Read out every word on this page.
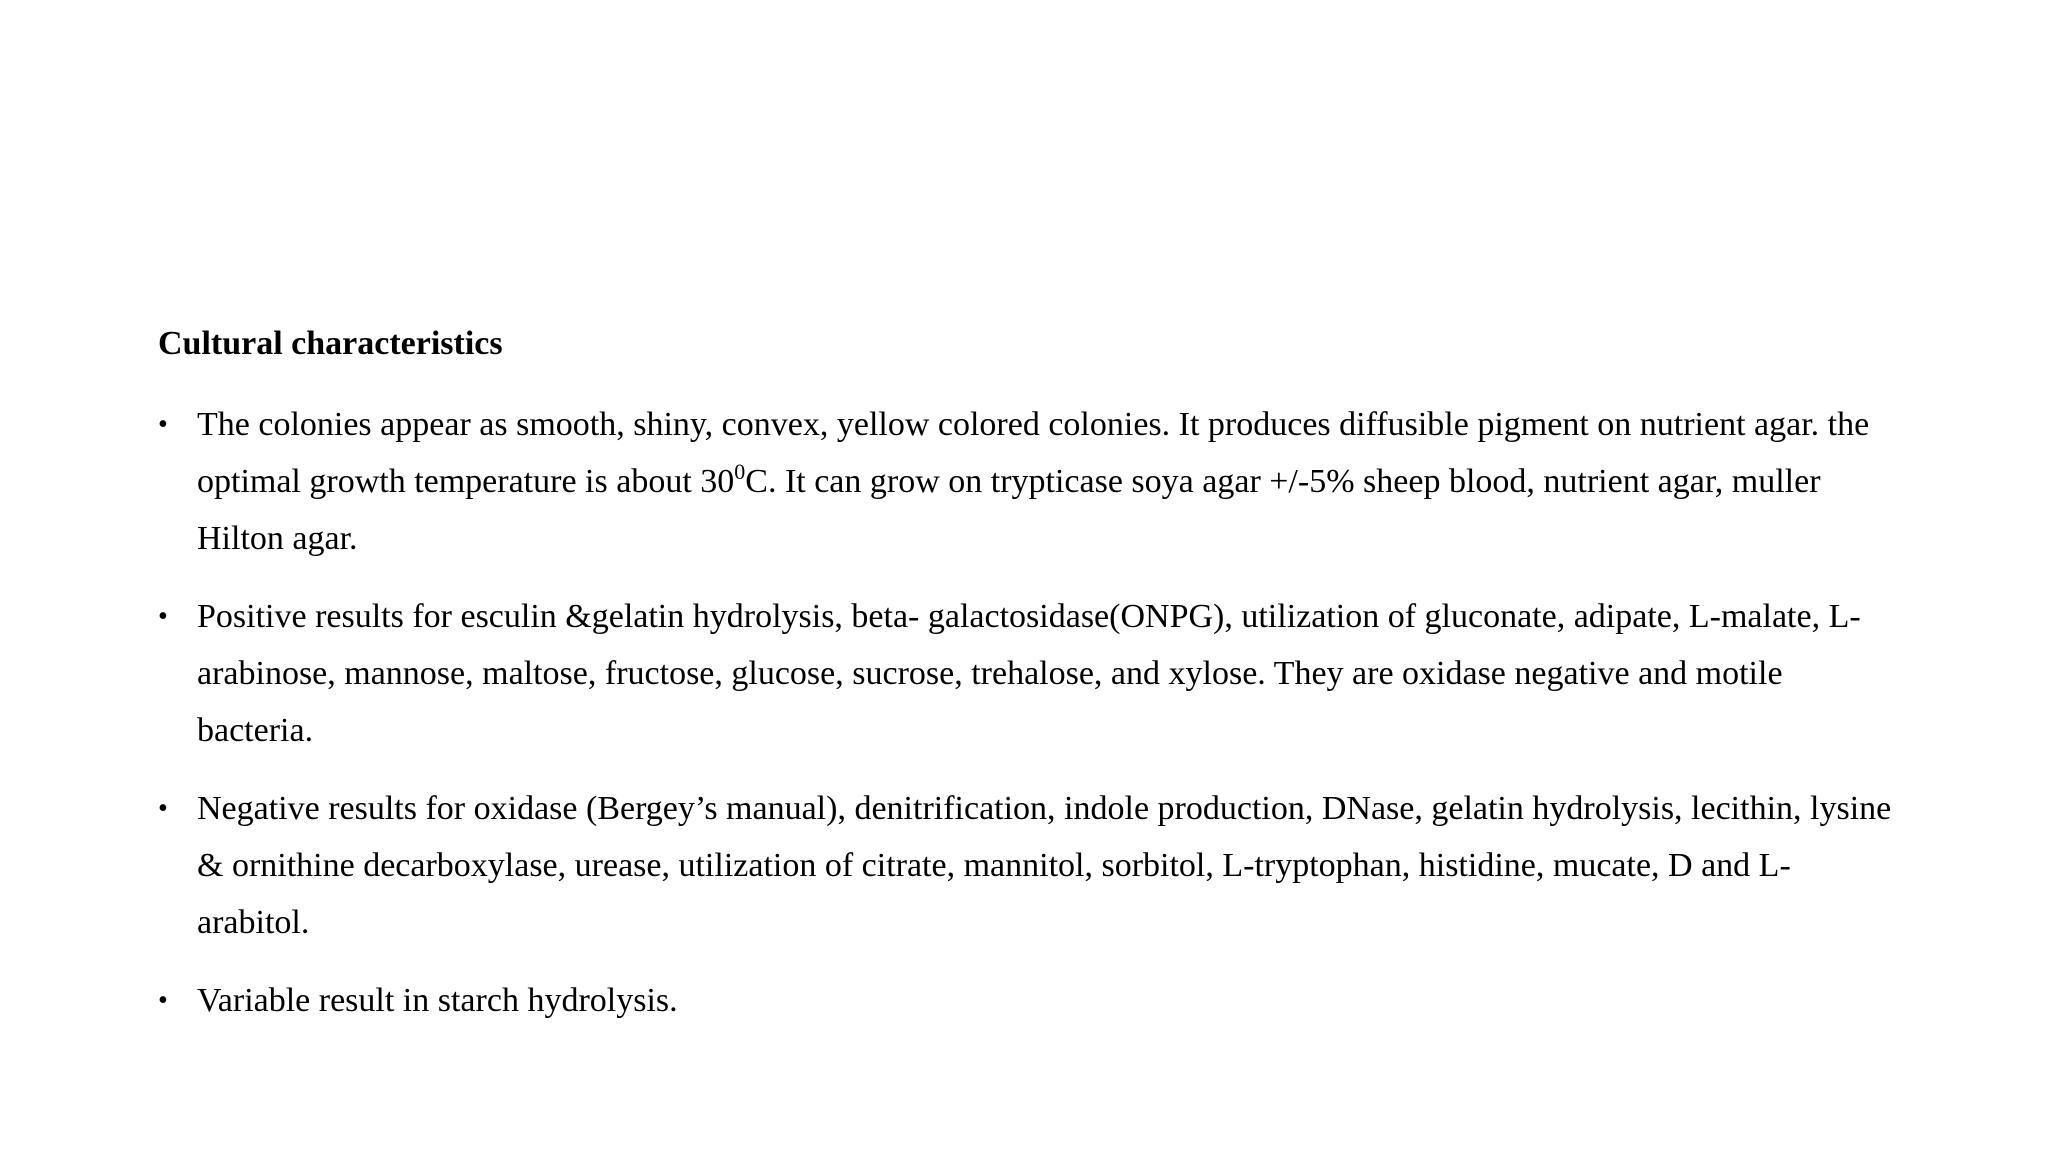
Cultural characteristics
• The colonies appear as smooth, shiny, convex, yellow colored colonies. It produces diffusible pigment on nutrient agar. the optimal growth temperature is about $30^0C$. It can grow on trypticase soya agar +/-5% sheep blood, nutrient agar, muller Hilton agar.
• Positive results for esculin &gelatin hydrolysis, beta- galactosidase(ONPG), utilization of gluconate, adipate, L-malate, L-arabinose, mannose, maltose, fructose, glucose, sucrose, trehalose, and xylose. They are oxidase negative and motile bacteria.
• Negative results for oxidase (Bergey’s manual), denitrification, indole production, DNase, gelatin hydrolysis, lecithin, lysine & ornithine decarboxylase, urease, utilization of citrate, mannitol, sorbitol, L-tryptophan, histidine, mucate, D and L- arabitol.
• Variable result in starch hydrolysis.
